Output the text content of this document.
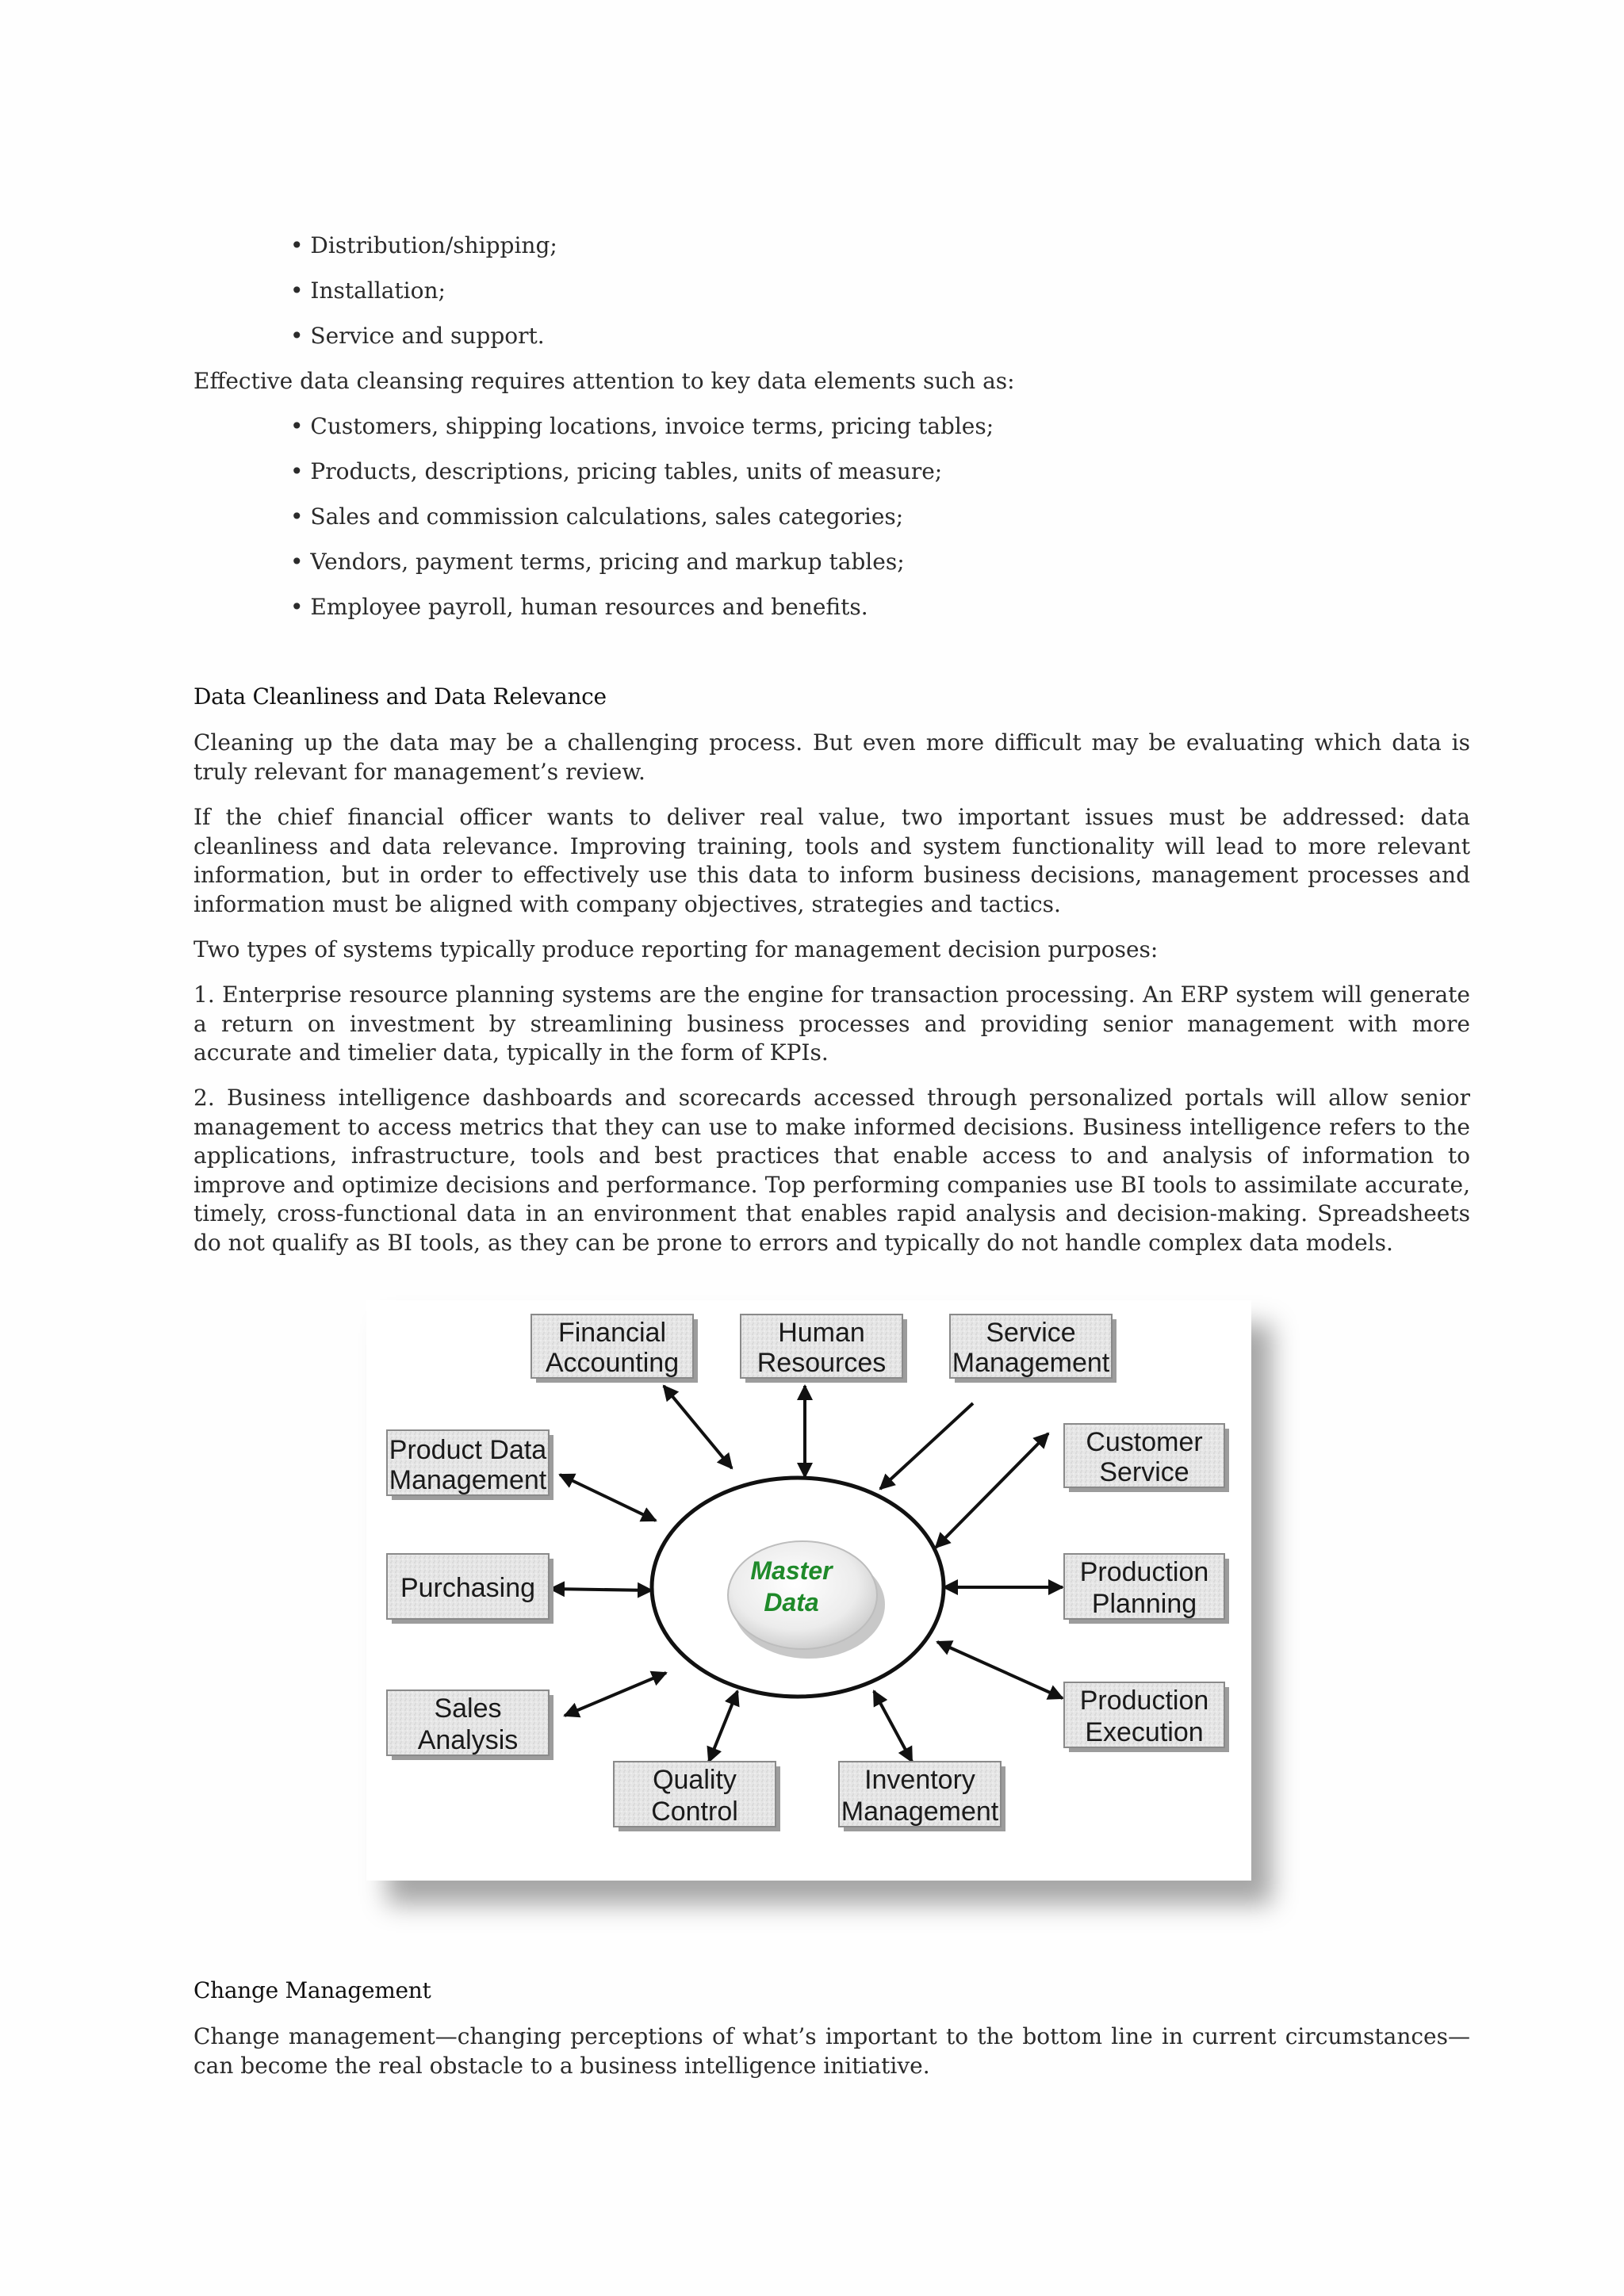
• Distribution/shipping;
• Installation;
• Service and support.

Effective data cleansing requires attention to key data elements such as:

• Customers, shipping locations, invoice terms, pricing tables;
• Products, descriptions, pricing tables, units of measure;
• Sales and commission calculations, sales categories;
• Vendors, payment terms, pricing and markup tables;
• Employee payroll, human resources and benefits.
Data Cleanliness and Data Relevance

Cleaning up the data may be a challenging process. But even more difficult may be evaluating which data is truly relevant for management’s review.

If the chief financial officer wants to deliver real value, two important issues must be addressed: data cleanliness and data relevance. Improving training, tools and system functionality will lead to more relevant information, but in order to effectively use this data to inform business decisions, management processes and information must be aligned with company objectives, strategies and tactics.

Two types of systems typically produce reporting for management decision purposes:

1. Enterprise resource planning systems are the engine for transaction processing. An ERP system will generate a return on investment by streamlining business processes and providing senior management with more accurate and timelier data, typically in the form of KPIs.

2. Business intelligence dashboards and scorecards accessed through personalized portals will allow senior management to access metrics that they can use to make informed decisions. Business intelligence refers to the applications, infrastructure, tools and best practices that enable access to and analysis of information to improve and optimize decisions and performance. Top performing companies use BI tools to assimilate accurate, timely, cross-functional data in an environment that enables rapid analysis and decision-making. Spreadsheets do not qualify as BI tools, as they can be prone to errors and typically do not handle complex data models.

Master
Data
Financial
Accounting
Human
Resources
Service
Management
Product Data
Management
Customer
Service
Purchasing
Production
Planning
Sales
Analysis
Production
Execution
Quality
Control
Inventory
Management
Change Management

Change management—changing perceptions of what’s important to the bottom line in current circumstances—can become the real obstacle to a business intelligence initiative.
